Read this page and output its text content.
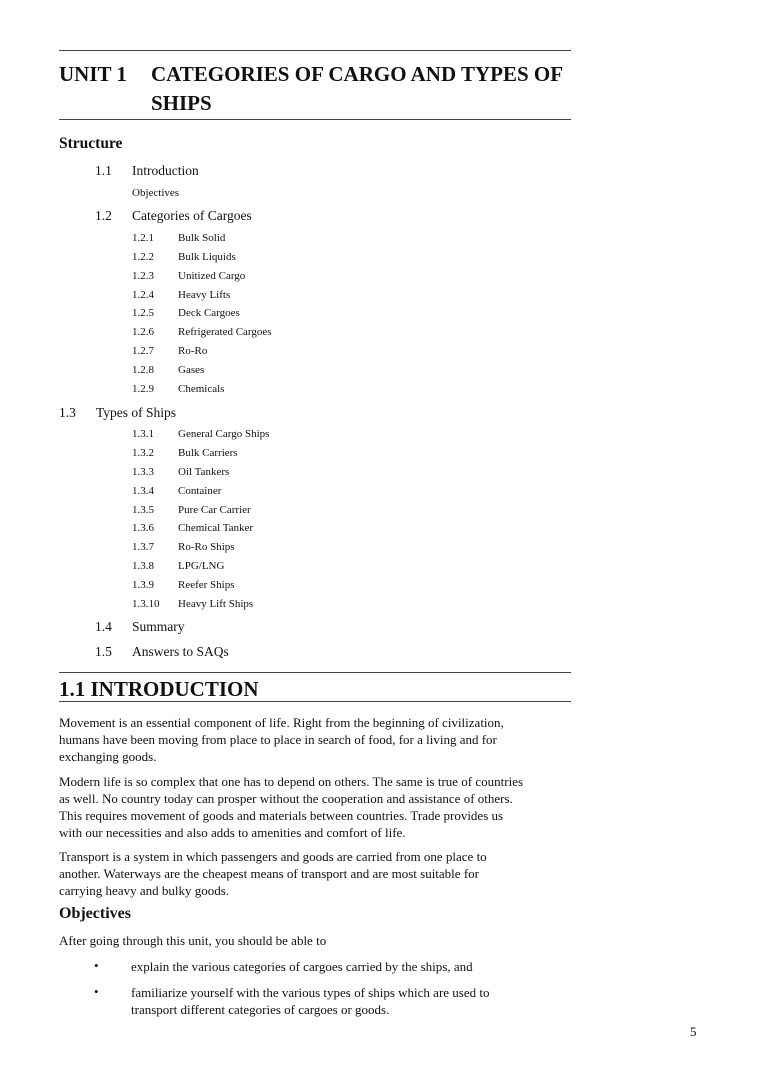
UNIT 1 CATEGORIES OF CARGO AND TYPES OF SHIPS
Structure
1.1 Introduction
Objectives
1.2 Categories of Cargoes
1.2.1 Bulk Solid
1.2.2 Bulk Liquids
1.2.3 Unitized Cargo
1.2.4 Heavy Lifts
1.2.5 Deck Cargoes
1.2.6 Refrigerated Cargoes
1.2.7 Ro-Ro
1.2.8 Gases
1.2.9 Chemicals
1.3 Types of Ships
1.3.1 General Cargo Ships
1.3.2 Bulk Carriers
1.3.3 Oil Tankers
1.3.4 Container
1.3.5 Pure Car Carrier
1.3.6 Chemical Tanker
1.3.7 Ro-Ro Ships
1.3.8 LPG/LNG
1.3.9 Reefer Ships
1.3.10 Heavy Lift Ships
1.4 Summary
1.5 Answers to SAQs
1.1 INTRODUCTION
Movement is an essential component of life. Right from the beginning of civilization,
humans have been moving from place to place in search of food, for a living and for
exchanging goods.
Modern life is so complex that one has to depend on others. The same is true of countries
as well. No country today can prosper without the cooperation and assistance of others.
This requires movement of goods and materials between countries. Trade provides us
with our necessities and also adds to amenities and comfort of life.
Transport is a system in which passengers and goods are carried from one place to
another. Waterways are the cheapest means of transport and are most suitable for
carrying heavy and bulky goods.
Objectives
After going through this unit, you should be able to
• explain the various categories of cargoes carried by the ships, and
• familiarize yourself with the various types of ships which are used to
transport different categories of cargoes or goods.
5
